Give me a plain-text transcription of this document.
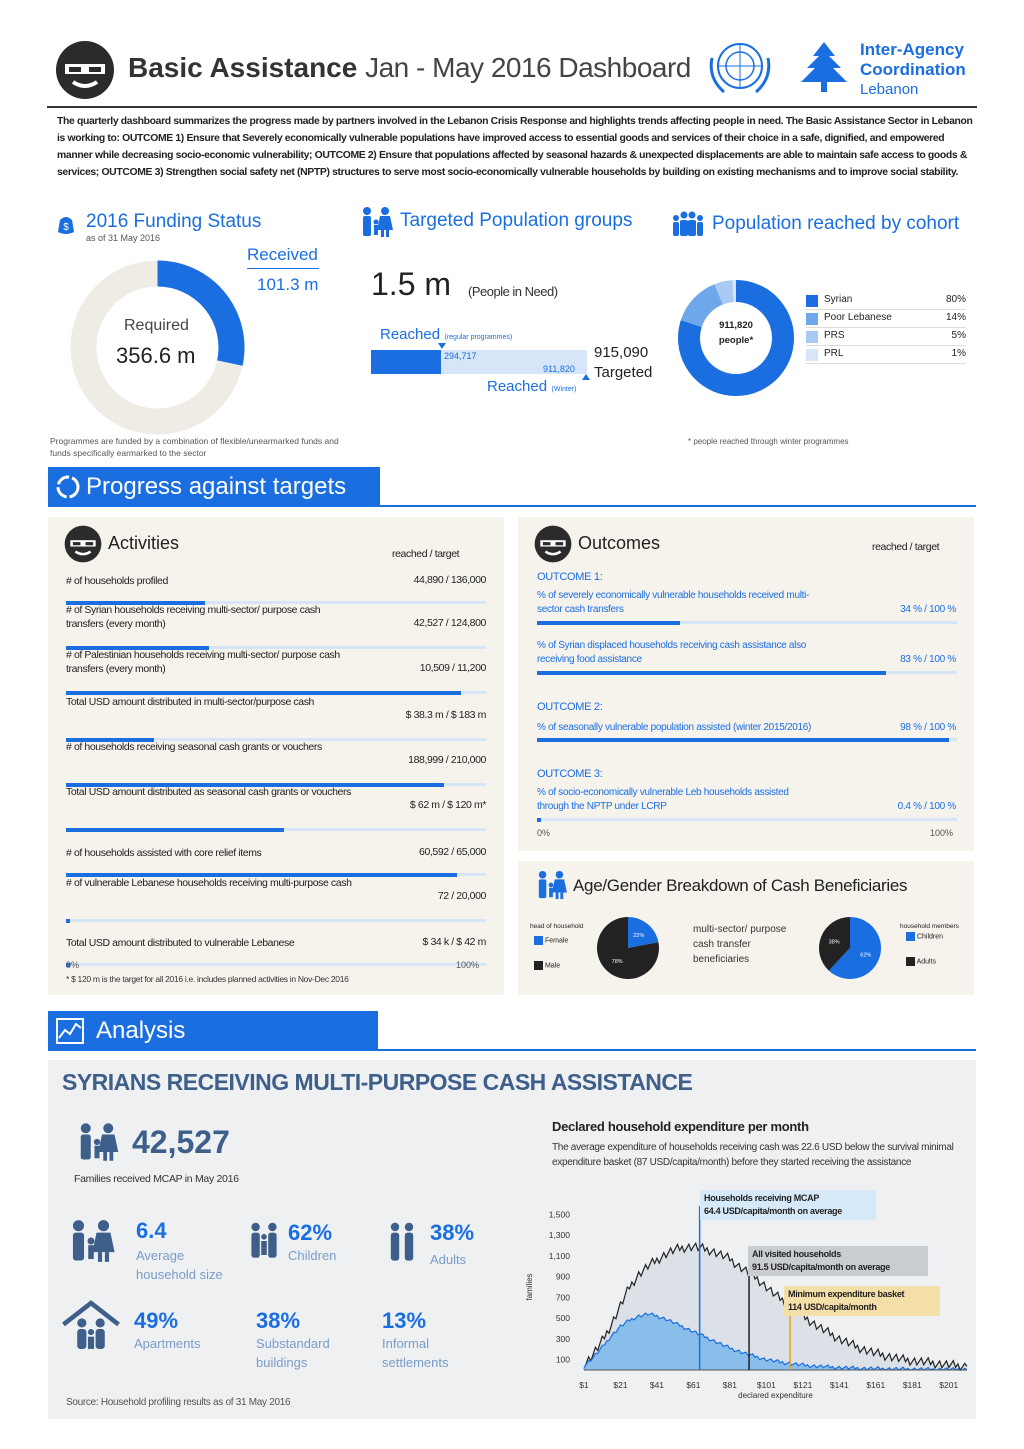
Basic Assistance Jan - May 2016 Dashboard
Inter-Agency
Coordination
Lebanon
The quarterly dashboard summarizes the progress made by partners involved in the Lebanon Crisis Response and highlights trends affecting people in need. The Basic Assistance Sector in Lebanon is working to: OUTCOME 1) Ensure that Severely economically vulnerable populations have improved access to essential goods and services of their choice in a safe, dignified, and empowered manner while decreasing socio-economic vulnerability; OUTCOME 2) Ensure that populations affected by seasonal hazards & unexpected displacements are able to maintain safe access to goods & services; OUTCOME 3) Strengthen social safety net (NPTP) structures to serve most socio-economically vulnerable households by building on existing mechanisms and to improve social stability.
$ 2016 Funding Status
as of 31 May 2016
Received
101.3 m
Required
356.6 m
Programmes are funded by a combination of flexible/unearmarked funds and funds specifically earmarked to the sector
Targeted Population groups
1.5 m (People in Need)
Reached (regular programmes)
294,717
911,820
915,090
Targeted
Reached (Winter)
Population reached by cohort
911,820 people*
Syrian	80%
Poor Lebanese	14%
PRS	5%
PRL	1%
* people reached through winter programmes
Progress against targets
Activities
reached / target
# of households profiled	44,890 / 136,000
# of Syrian households receiving multi-sector/ purpose cash transfers (every month)	42,527 / 124,800
# of Palestinian households receiving multi-sector/ purpose cash transfers (every month)	10,509 / 11,200
Total USD amount distributed in multi-sector/purpose cash
$ 38.3 m / $ 183 m
# of households receiving seasonal cash grants or vouchers
188,999 / 210,000
Total USD amount distributed as seasonal cash grants or vouchers
$ 62 m / $ 120 m*
# of households assisted with core relief items	60,592 / 65,000
# of vulnerable Lebanese households receiving multi-purpose cash
72 / 20,000
Total USD amount distributed to vulnerable Lebanese	$ 34 k / $ 42 m
0%	100%
* $ 120 m is the target for all 2016 i.e. includes planned activities in Nov-Dec 2016
Outcomes	reached / target
OUTCOME 1:
% of severely economically vulnerable households received multi-sector cash transfers	34 % / 100 %
% of Syrian displaced households receiving cash assistance also receiving food assistance	83 % / 100 %
OUTCOME 2:
% of seasonally vulnerable population assisted (winter 2015/2016)	98 % / 100 %
OUTCOME 3:
% of socio-economically vulnerable Leb households assisted through the NPTP under LCRP	0.4 % / 100 %
0%	100%
Age/Gender Breakdown of Cash Beneficiaries
head of household
Female
Male
22%
78%
multi-sector/ purpose cash transfer beneficiaries	62%
38%
household members
Children
Adults
Analysis
SYRIANS RECEIVING MULTI-PURPOSE CASH ASSISTANCE
42,527
Families received MCAP in May 2016
6.4
Average household size
62%
Children
38%
Adults
49%
Apartments
38%
Substandard buildings
13%
Informal settlements
Source: Household profiling results as of 31 May 2016
Declared household expenditure per month
The average expenditure of households receiving cash was 22.6 USD below the survival minimal expenditure basket (87 USD/capita/month) before they started receiving the assistance
100
300
500
700
900
1,100
1,300
1,500
$1	$21	$41	$61	$81 $101 $121 $141 $161 $181 $201
declared expenditure
families
Households receiving MCAP
64.4 USD/capita/month on average
All visited households
91.5 USD/capita/month on average
Minimum expenditure basket
114 USD/capita/month
